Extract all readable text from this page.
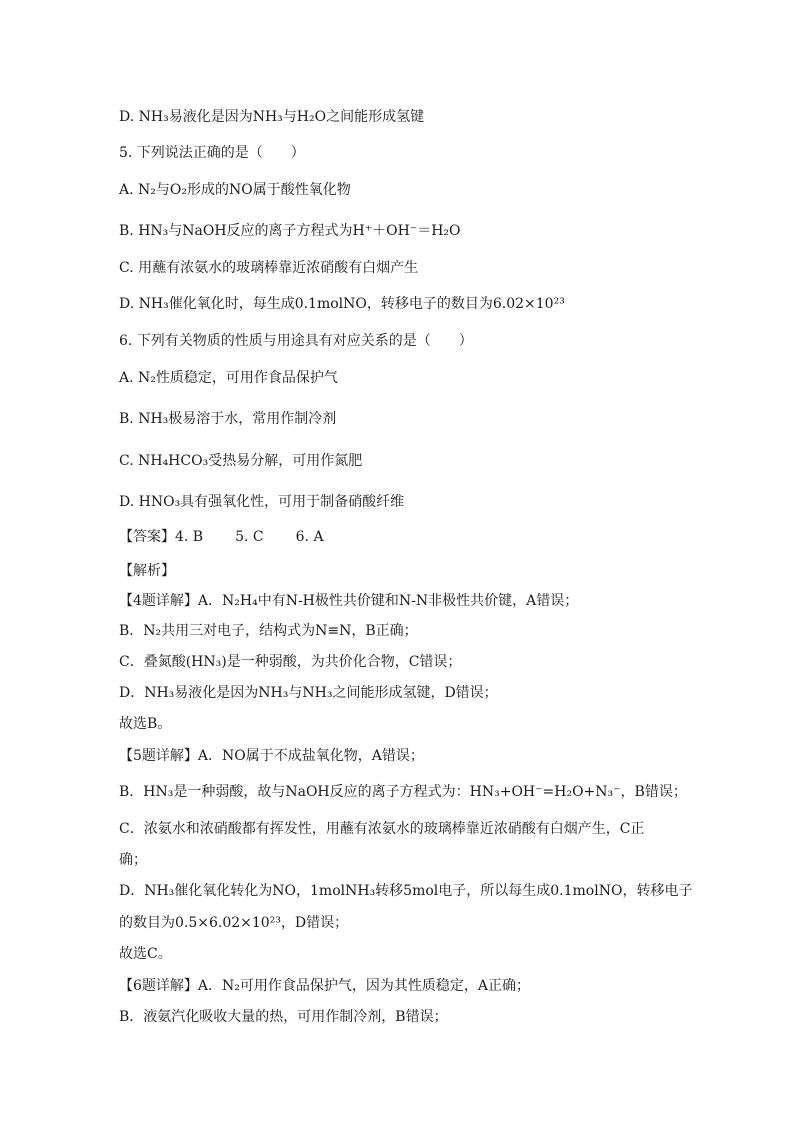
D. NH₃易液化是因为NH₃与H₂O之间能形成氢键
5. 下列说法正确的是（　　）
A. N₂与O₂形成的NO属于酸性氧化物
B. HN₃与NaOH反应的离子方程式为H⁺＋OH⁻＝H₂O
C. 用蘸有浓氨水的玻璃棒靠近浓硝酸有白烟产生
D. NH₃催化氧化时，每生成0.1molNO，转移电子的数目为6.02×10²³
6. 下列有关物质的性质与用途具有对应关系的是（　　）
A. N₂性质稳定，可用作食品保护气
B. NH₃极易溶于水，常用作制冷剂
C. NH₄HCO₃受热易分解，可用作氮肥
D. HNO₃具有强氧化性，可用于制备硝酸纤维
【答案】4. B 5. C 6. A
【解析】
【4题详解】A．N₂H₄中有N-H极性共价键和N-N非极性共价键，A错误；
B．N₂共用三对电子，结构式为N≡N，B正确；
C．叠氮酸(HN₃)是一种弱酸，为共价化合物，C错误；
D．NH₃易液化是因为NH₃与NH₃之间能形成氢键，D错误；
故选B。
【5题详解】A．NO属于不成盐氧化物，A错误；
B．HN₃是一种弱酸，故与NaOH反应的离子方程式为：HN₃+OH⁻=H₂O+N₃⁻，B错误；
C．浓氨水和浓硝酸都有挥发性，用蘸有浓氨水的玻璃棒靠近浓硝酸有白烟产生，C正
确；
D．NH₃催化氧化转化为NO，1molNH₃转移5mol电子，所以每生成0.1molNO，转移电子
的数目为0.5×6.02×10²³，D错误；
故选C。
【6题详解】A．N₂可用作食品保护气，因为其性质稳定，A正确；
B．液氨汽化吸收大量的热，可用作制冷剂，B错误；
